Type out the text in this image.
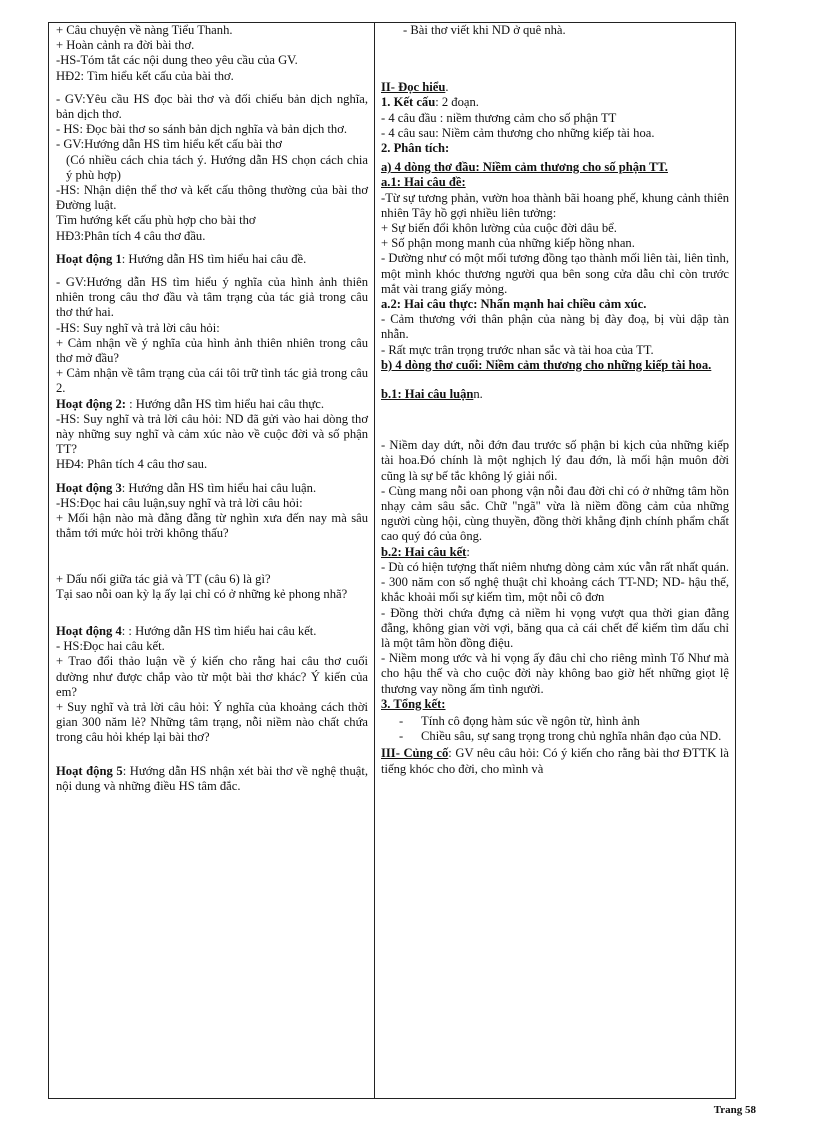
+ Câu chuyện về nàng Tiểu Thanh.

+ Hoàn cảnh ra đời bài thơ.

-HS-Tóm tắt các nội dung theo yêu cầu của GV.

HĐ2: Tìm hiểu kết cấu của bài thơ.

- GV:Yêu cầu HS đọc bài thơ và đối chiếu bản dịch nghĩa, bản dịch thơ.

- HS: Đọc bài thơ so sánh bản dịch nghĩa và bản dịch thơ.

- GV:Hướng dẫn HS tìm hiểu kết cấu bài thơ

(Có nhiều cách chia tách ý. Hướng dẫn HS chọn cách chia ý phù hợp)

-HS: Nhận diện thể thơ và kết cấu thông thường của bài thơ Đường luật.

Tìm hướng kết cấu phù hợp cho bài thơ

HĐ3:Phân tích 4 câu thơ đầu.

Hoạt động 1: Hướng dẫn HS tìm hiểu hai câu đề.

- GV:Hướng dẫn HS tìm hiểu ý nghĩa của hình ảnh thiên nhiên trong câu thơ đầu và tâm trạng của tác giả trong câu thơ thứ hai.

-HS: Suy nghĩ và trả lời câu hỏi:

+ Cảm nhận về ý nghĩa của hình ảnh thiên nhiên trong câu thơ mở đầu?

+ Cảm nhận về tâm trạng của cái tôi trữ tình tác giả trong câu 2.

Hoạt động 2: : Hướng dẫn HS tìm hiểu hai câu thực.

-HS: Suy nghĩ và trả lời câu hỏi: ND đã gửi vào hai dòng thơ này những suy nghĩ và cảm xúc nào về cuộc đời và số phận TT?

HĐ4: Phân tích 4 câu thơ sau.

Hoạt động 3: Hướng dẫn HS tìm hiểu hai câu luận.

-HS:Đọc hai câu luận,suy nghĩ và trả lời câu hỏi:

+ Mối hận nào mà đằng đẵng từ nghìn xưa đến nay mà sâu thẳm tới mức hỏi trời không thấu?

+ Dấu nối giữa tác giả và TT (câu 6) là gì?

Tại sao nỗi oan kỳ lạ ấy lại chỉ có ở những kẻ phong nhã?

Hoạt động 4: : Hướng dẫn HS tìm hiểu hai câu kết.

- HS:Đọc hai câu kết.

+ Trao đổi thảo luận về ý kiến cho rằng hai câu thơ cuối dường như được chắp vào từ một bài thơ khác? Ý kiến của em?

+ Suy nghĩ và trả lời câu hỏi: Ý nghĩa của khoảng cách thời gian 300 năm lẻ? Những tâm trạng, nỗi niềm nào chất chứa trong câu hỏi khép lại bài thơ?

Hoạt động 5: Hướng dẫn HS nhận xét bài thơ về nghệ thuật, nội dung và những điều HS tâm đắc.

- Bài thơ viết khi ND ở quê nhà.

II- Đọc hiểu.

1. Kết cấu: 2 đoạn.

- 4 câu đầu : niềm thương cảm cho số phận TT

- 4 câu sau: Niềm cảm thương cho những kiếp tài hoa.

2. Phân tích:

a) 4 dòng thơ đầu: Niềm cảm thương cho số phận TT.

a.1: Hai câu đề:

-Từ sự tương phản, vườn hoa thành bãi hoang phế, khung cảnh thiên nhiên Tây hồ gợi nhiều liên tưởng:

+ Sự biến đổi khôn lường của cuộc đời dâu bể.

+ Số phận mong manh của những kiếp hồng nhan.

- Dường như có một mối tương đồng tạo thành mối liên tài, liên tình, một mình khóc thương người qua bên song cửa dẫu chỉ còn trước mắt vài trang giấy mỏng.

a.2: Hai câu thực: Nhấn mạnh hai chiều cảm xúc.

- Cảm thương với thân phận của nàng bị đày đoạ, bị vùi dập tàn nhẫn.

- Rất mực trân trọng trước nhan sắc và tài hoa của TT.

b) 4 dòng thơ cuối: Niềm cảm thương cho những kiếp tài hoa.

b.1: Hai câu luậnn.

- Niềm day dứt, nỗi đớn đau trước số phận bi kịch của những kiếp tài hoa.Đó chính là một nghịch lý đau đớn, là mối hận muôn đời cũng là sự bế tắc không lý giải nổi.

- Cùng mang nỗi oan phong vận nỗi đau đời chỉ có ở những tâm hồn nhạy cảm sâu sắc. Chữ "ngã" vừa là niềm đồng cảm của những người cùng hội, cùng thuyền, đồng thời khẳng định chính phẩm chất cao quý đó của ông.

b.2: Hai câu kết:

- Dù có hiện tượng thất niêm nhưng dòng cảm xúc vẫn rất nhất quán.

- 300 năm con số nghệ thuật chỉ khoảng cách TT-ND; ND- hậu thế, khắc khoải mối sự kiếm tìm, một nỗi cô đơn

- Đồng thời chứa đựng cả niềm hi vọng vượt qua thời gian đằng đẵng, không gian vời vợi, băng qua cả cái chết để kiếm tìm dấu chỉ là một tâm hồn đồng điệu.

- Niềm mong ước và hi vọng ấy đâu chỉ cho riêng mình Tố Như mà cho hậu thế và cho cuộc đời này không bao giờ hết những giọt lệ thương vay nồng ấm tình người.

3. Tổng kết:

- Tính cô đọng hàm súc về ngôn từ, hình ảnh
- Chiều sâu, sự sang trọng trong chủ nghĩa nhân đạo của ND.

III- Củng cố: GV nêu câu hỏi: Có ý kiến cho rằng bài thơ ĐTTK là tiếng khóc cho đời, cho mình và

Trang 58
